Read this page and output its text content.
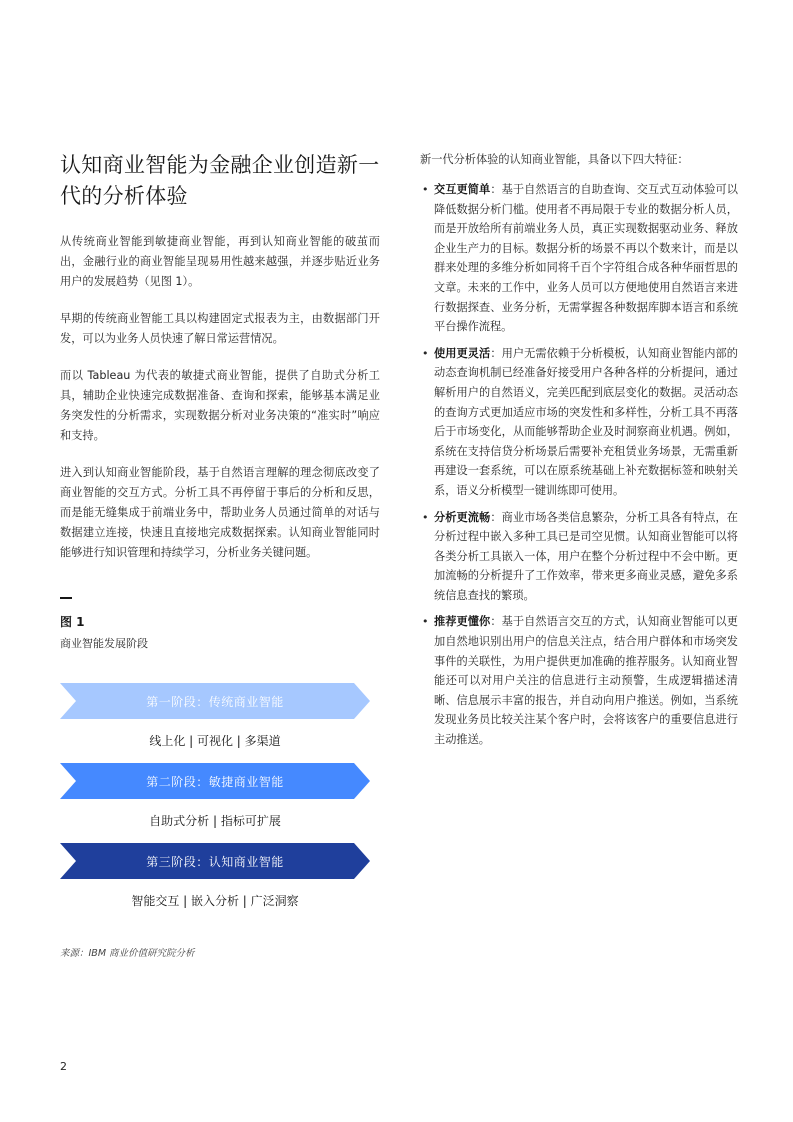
认知商业智能为金融企业创造新一代的分析体验

从传统商业智能到敏捷商业智能，再到认知商业智能的破茧而出，金融行业的商业智能呈现易用性越来越强，并逐步贴近业务用户的发展趋势（见图 1）。

早期的传统商业智能工具以构建固定式报表为主，由数据部门开发，可以为业务人员快速了解日常运营情况。

而以 Tableau 为代表的敏捷式商业智能，提供了自助式分析工具，辅助企业快速完成数据准备、查询和探索，能够基本满足业务突发性的分析需求，实现数据分析对业务决策的“准实时”响应和支持。

进入到认知商业智能阶段，基于自然语言理解的理念彻底改变了商业智能的交互方式。分析工具不再停留于事后的分析和反思，而是能无缝集成于前端业务中，帮助业务人员通过简单的对话与数据建立连接，快速且直接地完成数据探索。认知商业智能同时能够进行知识管理和持续学习，分析业务关键问题。

图 1
商业智能发展阶段
第一阶段：传统商业智能
线上化 | 可视化 | 多渠道
第二阶段：敏捷商业智能
自助式分析 | 指标可扩展
第三阶段：认知商业智能
智能交互 | 嵌入分析 | 广泛洞察
来源：IBM 商业价值研究院分析

新一代分析体验的认知商业智能，具备以下四大特征：

• 交互更简单：基于自然语言的自助查询、交互式互动体验可以降低数据分析门槛。使用者不再局限于专业的数据分析人员，而是开放给所有前端业务人员，真正实现数据驱动业务、释放企业生产力的目标。数据分析的场景不再以个数来计，而是以群来处理的多维分析如同将千百个字符组合成各种华丽哲思的文章。未来的工作中，业务人员可以方便地使用自然语言来进行数据探查、业务分析，无需掌握各种数据库脚本语言和系统平台操作流程。
• 使用更灵活：用户无需依赖于分析模板，认知商业智能内部的动态查询机制已经准备好接受用户各种各样的分析提问，通过解析用户的自然语义，完美匹配到底层变化的数据。灵活动态的查询方式更加适应市场的突发性和多样性，分析工具不再落后于市场变化，从而能够帮助企业及时洞察商业机遇。例如，系统在支持信贷分析场景后需要补充租赁业务场景，无需重新再建设一套系统，可以在原系统基础上补充数据标签和映射关系，语义分析模型一键训练即可使用。
• 分析更流畅：商业市场各类信息繁杂，分析工具各有特点，在分析过程中嵌入多种工具已是司空见惯。认知商业智能可以将各类分析工具嵌入一体，用户在整个分析过程中不会中断。更加流畅的分析提升了工作效率，带来更多商业灵感，避免多系统信息查找的繁琐。
• 推荐更懂你：基于自然语言交互的方式，认知商业智能可以更加自然地识别出用户的信息关注点，结合用户群体和市场突发事件的关联性，为用户提供更加准确的推荐服务。认知商业智能还可以对用户关注的信息进行主动预警，生成逻辑描述清晰、信息展示丰富的报告，并自动向用户推送。例如，当系统发现业务员比较关注某个客户时，会将该客户的重要信息进行主动推送。
2
